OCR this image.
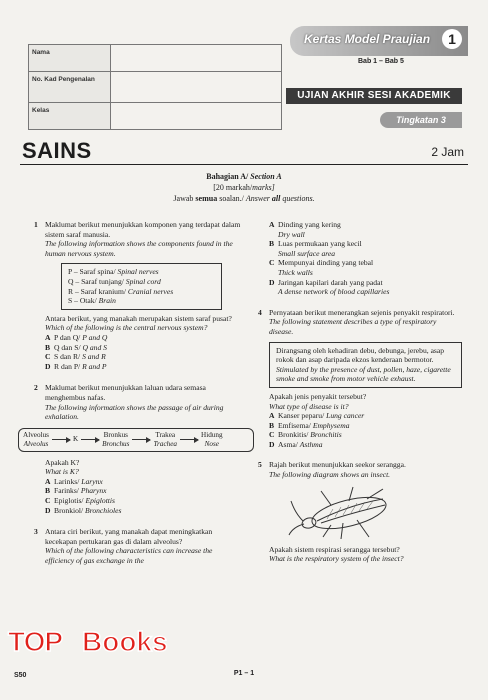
Nama
No. Kad Pengenalan
Kelas
Kertas Model Praujian	1
Bab 1 – Bab 5
UJIAN AKHIR SESI AKADEMIK
Tingkatan 3
SAINS	2 Jam
Bahagian A/ Section A
[20 markah/marks]
Jawab semua soalan./ Answer all questions.
1 Maklumat berikut menunjukkan komponen yang terdapat dalam sistem saraf manusia.
The following information shows the components found in the human nervous system.
P – Saraf spina/ Spinal nerves
Q – Saraf tunjang/ Spinal cord
R – Saraf kranium/ Cranial nerves
S – Otak/ Brain
Antara berikut, yang manakah merupakan sistem saraf pusat?
Which of the following is the central nervous system?
A P dan Q/
P and Q
B Q dan S/
Q and S
C S dan R/
S and R
D R dan P/
R and P
2 Maklumat berikut menunjukkan laluan udara semasa menghembus nafas.
The following information shows the passage of air during exhalation.
Alveolus
Alveolus
K
Bronkus
Bronchus
Trakea
Trachea
Hidung
Nose
Apakah K?
What is K?
A Larinks/
Larynx
B Farinks/
Pharynx
C Epiglotis/
Epiglottis
D Bronkiol/
Bronchioles
3 Antara ciri berikut, yang manakah dapat meningkatkan kecekapan pertukaran gas di dalam alveolus?
Which of the following characteristics can increase the efficiency of gas exchange in the
A Dinding yang kering
Dry wall
B Luas permukaan yang kecil
Small surface area
C Mempunyai dinding yang tebal
Thick walls
D Jaringan kapilari darah yang padat
A dense network of blood capillaries
4 Pernyataan berikut menerangkan sejenis penyakit respiratori.
The following statement describes a type of respiratory disease.
Dirangsang oleh kehadiran debu, debunga, jerebu, asap rokok dan asap daripada ekzos kenderaan bermotor.
Stimulated by the presence of dust, pollen, haze, cigarette smoke and smoke from motor vehicle exhaust.
Apakah jenis penyakit tersebut?
What type of disease is it?
A Kanser peparu/
Lung cancer
B Emfisema/
Emphysema
C Bronkitis/
Bronchitis
D Asma/
Asthma
5 Rajah berikut menunjukkan seekor serangga.
The following diagram shows an insect.
Apakah sistem respirasi serangga tersebut?
What is the respiratory system of the insect?
TOP Books
S50	P1 – 1
